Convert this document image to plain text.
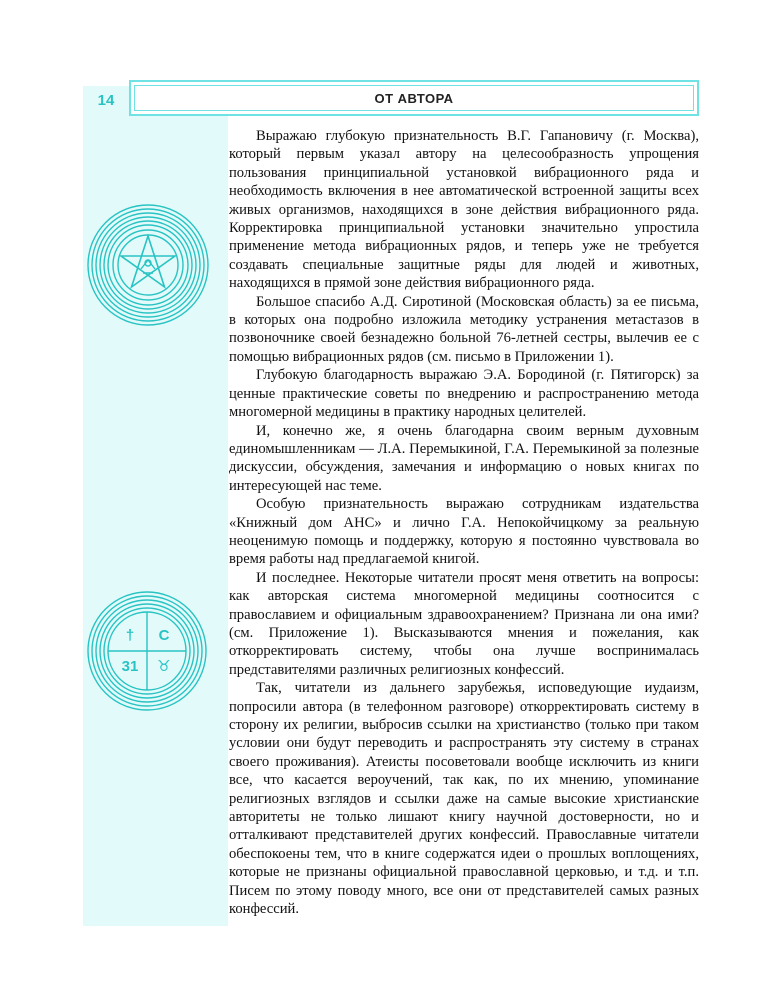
14	ОТ АВТОРА
† С
31 ♉

Выражаю глубокую признательность В.Г. Гапановичу (г. Москва), который первым указал автору на целесообразность упрощения пользования принципиальной установкой вибрационного ряда и необходимость включения в нее автоматической встроенной защиты всех живых организмов, находящихся в зоне действия вибрационного ряда. Корректировка принципиальной установки значительно упростила применение метода вибрационных рядов, и теперь уже не требуется создавать специальные защитные ряды для людей и животных, находящихся в прямой зоне действия вибрационного ряда.

Большое спасибо А.Д. Сиротиной (Московская область) за ее письма, в которых она подробно изложила методику устранения метастазов в позвоночнике своей безнадежно больной 76-летней сестры, вылечив ее с помощью вибрационных рядов (см. письмо в Приложении 1).

Глубокую благодарность выражаю Э.А. Бородиной (г. Пятигорск) за ценные практические советы по внедрению и распространению метода многомерной медицины в практику народных целителей.

И, конечно же, я очень благодарна своим верным духовным единомышленникам — Л.А. Перемыкиной, Г.А. Перемыкиной за полезные дискуссии, обсуждения, замечания и информацию о новых книгах по интересующей нас теме.

Особую признательность выражаю сотрудникам издательства «Книжный дом АНС» и лично Г.А. Непокойчицкому за реальную неоценимую помощь и поддержку, которую я постоянно чувствовала во время работы над предлагаемой книгой.

И последнее. Некоторые читатели просят меня ответить на вопросы: как авторская система многомерной медицины соотносится с православием и официальным здравоохранением? Признана ли она ими? (см. Приложение 1). Высказываются мнения и пожелания, как откорректировать систему, чтобы она лучше воспринималась представителями различных религиозных конфессий.

Так, читатели из дальнего зарубежья, исповедующие иудаизм, попросили автора (в телефонном разговоре) откорректировать систему в сторону их религии, выбросив ссылки на христианство (только при таком условии они будут переводить и распространять эту систему в странах своего проживания). Атеисты посоветовали вообще исключить из книги все, что касается вероучений, так как, по их мнению, упоминание религиозных взглядов и ссылки даже на самые высокие христианские авторитеты не только лишают книгу научной достоверности, но и отталкивают представителей других конфессий. Православные читатели обеспокоены тем, что в книге содержатся идеи о прошлых воплощениях, которые не признаны официальной православной церковью, и т.д. и т.п. Писем по этому поводу много, все они от представителей самых разных конфессий.
